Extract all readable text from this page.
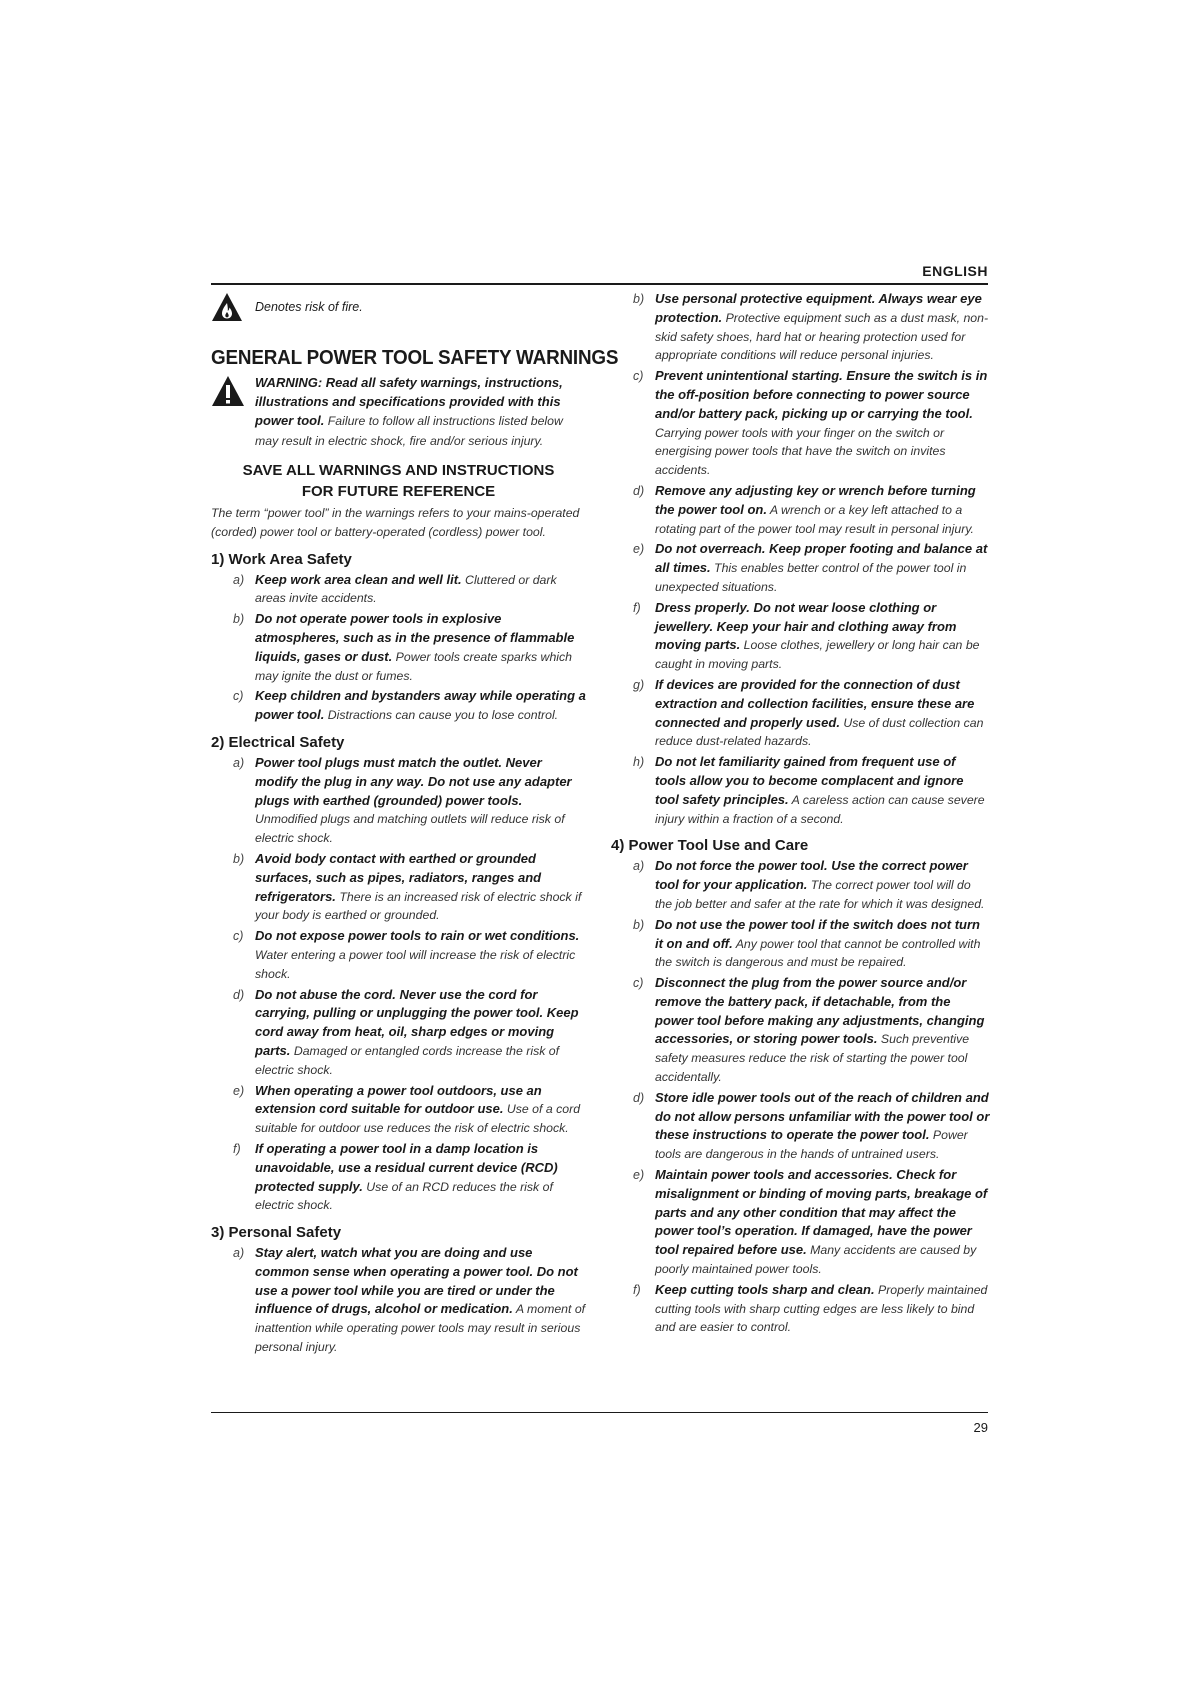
ENGLISH
Denotes risk of fire.
GENERAL POWER TOOL SAFETY WARNINGS
WARNING: Read all safety warnings, instructions, illustrations and specifications provided with this power tool. Failure to follow all instructions listed below may result in electric shock, fire and/or serious injury.
SAVE ALL WARNINGS AND INSTRUCTIONS
FOR FUTURE REFERENCE
The term “power tool” in the warnings refers to your mains-operated (corded) power tool or battery-operated (cordless) power tool.
1) Work Area Safety
a) Keep work area clean and well lit. Cluttered or dark areas invite accidents.
b) Do not operate power tools in explosive atmospheres, such as in the presence of flammable liquids, gases or dust. Power tools create sparks which may ignite the dust or fumes.
c) Keep children and bystanders away while operating a power tool. Distractions can cause you to lose control.
2) Electrical Safety
a) Power tool plugs must match the outlet. Never modify the plug in any way. Do not use any adapter plugs with earthed (grounded) power tools. Unmodified plugs and matching outlets will reduce risk of electric shock.
b) Avoid body contact with earthed or grounded surfaces, such as pipes, radiators, ranges and refrigerators. There is an increased risk of electric shock if your body is earthed or grounded.
c) Do not expose power tools to rain or wet conditions. Water entering a power tool will increase the risk of electric shock.
d) Do not abuse the cord. Never use the cord for carrying, pulling or unplugging the power tool. Keep cord away from heat, oil, sharp edges or moving parts. Damaged or entangled cords increase the risk of electric shock.
e) When operating a power tool outdoors, use an extension cord suitable for outdoor use. Use of a cord suitable for outdoor use reduces the risk of electric shock.
f)	If operating a power tool in a damp location is unavoidable, use a residual current device (RCD) protected supply. Use of an RCD reduces the risk of electric shock.
3) Personal Safety
a) Stay alert, watch what you are doing and use common sense when operating a power tool. Do not use a power tool while you are tired or under the influence of drugs, alcohol or medication. A moment of inattention while operating power tools may result in serious personal injury.
b) Use personal protective equipment. Always wear eye protection. Protective equipment such as a dust mask, non-skid safety shoes, hard hat or hearing protection used for appropriate conditions will reduce personal injuries.
c) Prevent unintentional starting. Ensure the switch is in the off-position before connecting to power source and/or battery pack, picking up or carrying the tool. Carrying power tools with your finger on the switch or energising power tools that have the switch on invites accidents.
d) Remove any adjusting key or wrench before turning the power tool on. A wrench or a key left attached to a rotating part of the power tool may result in personal injury.
e) Do not overreach. Keep proper footing and balance at all times. This enables better control of the power tool in unexpected situations.
f)	Dress properly. Do not wear loose clothing or jewellery. Keep your hair and clothing away from moving parts. Loose clothes, jewellery or long hair can be caught in moving parts.
g) If devices are provided for the connection of dust extraction and collection facilities, ensure these are connected and properly used. Use of dust collection can reduce dust-related hazards.
h) Do not let familiarity gained from frequent use of tools allow you to become complacent and ignore tool safety principles. A careless action can cause severe injury within a fraction of a second.
4) Power Tool Use and Care
a) Do not force the power tool. Use the correct power tool for your application. The correct power tool will do the job better and safer at the rate for which it was designed.
b) Do not use the power tool if the switch does not turn it on and off. Any power tool that cannot be controlled with the switch is dangerous and must be repaired.
c) Disconnect the plug from the power source and/or remove the battery pack, if detachable, from the power tool before making any adjustments, changing accessories, or storing power tools. Such preventive safety measures reduce the risk of starting the power tool accidentally.
d) Store idle power tools out of the reach of children and do not allow persons unfamiliar with the power tool or these instructions to operate the power tool. Power tools are dangerous in the hands of untrained users.
e) Maintain power tools and accessories. Check for misalignment or binding of moving parts, breakage of parts and any other condition that may affect the power tool’s operation. If damaged, have the power tool repaired before use. Many accidents are caused by poorly maintained power tools.
f)	Keep cutting tools sharp and clean. Properly maintained cutting tools with sharp cutting edges are less likely to bind and are easier to control.
29
